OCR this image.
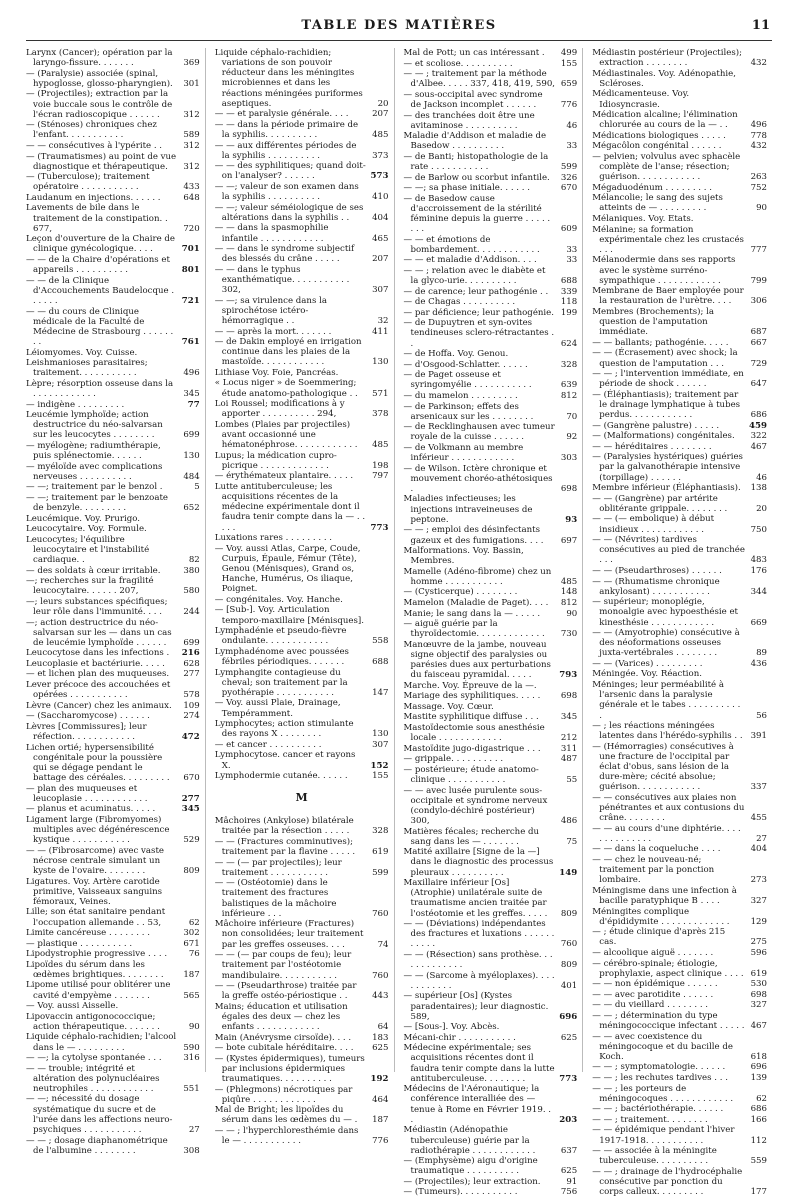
TABLE DES MATIÈRES	11
Larynx (Cancer); opération par la laryngo-fissure. . . . . . .	369
— (Paralysie) associée (spinal, hypoglosse, glosso-pharyngien).	301
— (Projectiles); extraction par la voie buccale sous le contrôle de l'écran radioscopique . . . . . .	312
— (Sténoses) chroniques chez l'enfant. . . . . . . . . . .	589
— — consécutives à l'ypérite . .	312
— (Traumatismes) au point de vue diagnostique et thérapeutique.	312
— (Tuberculose); traitement opératoire . . . . . . . . . . .	433
Laudanum en injections. . . . . .	648
Lavements de bile dans le traitement de la constipation. . 677,	720
Leçon d'ouverture de la Chaire de clinique gynécologique. . . .	701
— — de la Chaire d'opérations et appareils . . . . . . . . . .	801
— — de la Clinique d'Accouchements Baudelocque . . . . . .	721
— — du cours de Clinique médicale de la Faculté de Médecine de Strasbourg . . . . . . . .	761
Léiomyomes. Voy. Cuisse.
Leishmanioses parasitaires; traitement. . . . . . . . . . .	496
Lèpre; résorption osseuse dans la . . . . . . . . . . . .	345
— indigène . . . . . . . . .	77
Leucémie lymphoïde; action destructrice du néo-salvarsan sur les leucocytes . . . . . . . .	699
— myélogène; radiumthérapie, puis splénectomie. . . . . .	130
— myéloïde avec complications nerveuses . . . . . . . . . .	484
— —; traitement par le benzol .	5
— —; traitement par le benzoate de benzyle. . . . . . . . .	652
Leucémique. Voy. Prurigo.
Leucocytaire. Voy. Formule.
Leucocytes; l'équilibre leucocytaire et l'instabilité cardiaque. .	82
— des soldats à cœur irritable.	380
—; recherches sur la fragilité leucocytaire. . . . . . 207,	580
—; leurs substances spécifiques; leur rôle dans l'immunité. . . .	244
—; action destructrice du néo-salvarsan sur les — dans un cas de leucémie lymphoïde . . . . . .	699
Leucocytose dans les infections .	216
Leucoplasie et bactériurie. . . . .	628
— et lichen plan des muqueuses.	277
Lever précoce des accouchées et opérées . . . . . . . . . . .	578
Lèvre (Cancer) chez les animaux.	109
— (Saccharomycose) . . . . . .	274
Lèvres [Commissures]; leur réfection. . . . . . . . . . . .	472
Lichen ortié; hypersensibilité congénitale pour la poussière qui se dégage pendant le battage des céréales. . . . . . . . .	670
— plan des muqueuses et leucoplasie . . . . . . . . . . . .	277
— planus et acuminatus. . . . .	345
Ligament large (Fibromyomes) multiples avec dégénérescence kystique . . . . . . . . . . .	529
— — (Fibrosarcome) avec vaste nécrose centrale simulant un kyste de l'ovaire. . . . . . . .	809
Ligatures. Voy. Artère carotide primitive, Vaisseaux sanguins fémoraux, Veines.
Lille; son état sanitaire pendant l'occupation allemande . . 53,	62
Limite cancéreuse . . . . . . . .	302
— plastique . . . . . . . . . .	671
Lipodystrophie progressive . . . .	76
Lipoïdes du sérum dans les œdèmes brightiques. . . . . . . .	187
Lipome utilisé pour oblitérer une cavité d'empyème . . . . . . .	565
— Voy. aussi Aisselle.
Lipovaccin antigonococcique; action thérapeutique. . . . . . .	90
Liquide céphalo-rachidien; l'alcool dans le — . . . . . . . . .	590
— —; la cytolyse spontanée . . .	316
— — trouble; intégrité et altération des polynucléaires neutrophiles . . . . . . . . . . . .	551
— —; nécessité du dosage systématique du sucre et de l'urée dans les affections neuro-psychiques . . . . . . . . . . .	27
— — ; dosage diaphanométrique de l'albumine . . . . . . . .	308
Liquide céphalo-rachidien; variations de son pouvoir réducteur dans les méningites microbiennes et dans les réactions méningées puriformes aseptiques.	20
— — et paralysie générale. . . .	207
— — dans la période primaire de la syphilis. . . . . . . . . .	485
— — aux différentes périodes de la syphilis . . . . . . . . . .	373
— — des syphilitiques; quand doit-on l'analyser? . . . . . .	573
— —; valeur de son examen dans la syphilis . . . . . . . . . .	410
— —; valeur séméiologique de ses altérations dans la syphilis . .	404
— — dans la spasmophilie infantile . . . . . . . . . . . .	465
— — dans le syndrome subjectif des blessés du crâne . . . . .	207
— — dans le typhus exanthématique. . . . . . . . . . . 302,	307
— —; sa virulence dans la spirochétose ictéro-hémorragique . .	32
— — après la mort. . . . . . .	411
— de Dakin employé en irrigation continue dans les plaies de la mastoïde. . . . . . . . . . . .	130
Lithiase Voy. Foie, Pancréas.
« Locus niger » de Soemmering; étude anatomo-pathologique . .	571
Loi Roussel; modifications à y apporter . . . . . . . . . . 294,	378
Lombes (Plaies par projectiles) avant occasionné une hématonéphrose. . . . . . . . . . . .	485
Lupus; la médication cupro-picrique . . . . . . . . . . . . .	198
— érythémateux plantaire. . . . .	797
Lutte antituberculeuse; les acquisitions récentes de la médecine expérimentale dont il faudra tenir compte dans la — . . . . .	773
Luxations rares . . . . . . . . .
— Voy. aussi Atlas, Carpe, Coude, Curpuis, Épaule, Fémur (Tête), Genou (Ménisques), Grand os, Hanche, Humérus, Os iliaque, Poignet.
— congénitales. Voy. Hanche.
— [Sub-]. Voy. Articulation temporo-maxillaire [Ménisques].
Lymphadénie et pseudo-fièvre ondulante. . . . . . . . . . . .	558
Lymphadénome avec poussées fébriles périodiques. . . . . . .	688
Lymphangite contagieuse du cheval; son traitement par la pyothérapie . . . . . . . . . . .	147
— Voy. aussi Plaie, Drainage, Tempéramment.
Lymphocytes; action stimulante des rayons X . . . . . . . .	130
— et cancer . . . . . . . . . .	307
Lymphocytose. cancer et rayons X.	152
Lymphodermie cutanée. . . . . .	155
M
Mâchoires (Ankylose) bilatérale traitée par la résection . . . . .	328
— — (Fractures comminutives); traitement par la flavine . . . . .	619
— — (— par projectiles); leur traitement . . . . . . . . . . .	599
— — (Ostéotomie) dans le traitement des fractures balistiques de la mâchoire inférieure . . .	760
Mâchoire inférieure (Fractures) non consolidées; leur traitement par les greffes osseuses. . . .	74
— — (— par coups de feu); leur traitement par l'ostéotomie mandibulaire. . . . . . . . . . .	760
— — (Pseudarthrose) traitée par la greffe ostéo-périostique . .	443
Mains; éducation et utilisation égales des deux — chez les enfants . . . . . . . . . . . .	64
Main (Anévrysme cirsoïde). . . .	183
— bote cubitale héréditaire. . . .	625
— (Kystes épidermiques), tumeurs par inclusions épidermiques traumatiques. . . . . . . . . .	192
— (Phlegmons) nécrotiques par piqûre . . . . . . . . . . . .	464
Mal de Bright; les lipoïdes du sérum dans les œdèmes du — .	187
— — ; l'hyperchloresthémie dans le — . . . . . . . . . . .	776
Mal de Pott; un cas intéressant .	499
— et scoliose. . . . . . . . . .	155
— — ; traitement par la méthode d'Albee. . . . . 337, 418, 419, 590, 659
— sous-occipital avec syndrome de Jackson incomplet . . . . . .	776
— des tranchées doit être une avitaminose . . . . . . . . . .	46
Maladie d'Addison et maladie de Basedow . . . . . . . . . .	33
— de Banti; histopathologie de la rate . . . . . . . . . . .	599
— de Barlow ou scorbut infantile.	326
— —; sa phase initiale. . . . . .	670
— de Basedow cause d'accroissement de la stérilité féminine depuis la guerre . . . . . . . .	609
— — et émotions de bombardement. . . . . . . . . . . .	33
— — et maladie d'Addison. . . .	33
— — ; relation avec le diabète et la glyco-urie. . . . . . . . . .	688
— de carence; leur pathogénie . .	339
— de Chagas . . . . . . . . . .	118
— par déficience; leur pathogénie. 199
— de Dupuytren et syn-ovites tendineuses sclero-rétractantes . .	624
— de Hoffa. Voy. Genou.
— d'Osgood-Schlatter. . . . . .	328
— de Paget osseuse et syringomyélie . . . . . . . . . . .	639
— du mamelon . . . . . . . . .	812
— de Parkinson; effets des arsenicaux sur les . . . . . . . .	70
— de Recklinghausen avec tumeur royale de la cuisse . . . . . .	92
— de Volkmann au membre inférieur . . . . . . . . . . . .	303
— de Wilson. Ictère chronique et mouvement choréo-athétosiques .	698
Maladies infectieuses; les injections intraveineuses de peptone.	93
— — ; emploi des désinfectants gazeux et des fumigations. . . .	697
Malformations. Voy. Bassin, Membres.
Mamelle (Adéno-fibrome) chez un homme . . . . . . . . . . .	485
— (Cysticerque) . . . . . . . .	148
Mamelon (Maladie de Paget). . . .	812
Manie; le sang dans la — . . . . .	90
— aiguë guérie par la thyroïdectomie. . . . . . . . . . . . .	730
Manœuvre de la jambe, nouveau signe objectif des paralysies ou parésies dues aux perturbations du faisceau pyramidal. . . . .	793
Marche. Voy. Épreuve de la —.
Mariage des syphilitiques. . . . .	698
Massage. Voy. Cœur.
Mastite syphilitique diffuse . . .	345
Mastoïdectomie sous anesthésie locale . . . . . . . . . . . .	212
Mastoïdite jugo-digastrique . . .	311
— grippale. . . . . . . . . .	487
— postérieure; étude anatomo-clinique . . . . . . . . . . .	55
— — avec lusée purulente sous-occipitale et syndrome nerveux (condylo-déchiré postérieur) 300,	486
Matières fécales; recherche du sang dans les — . . . . . . .	75
Matité axillaire [Signe de la —] dans le diagnostic des processus pleuraux . . . . . . . . . .	149
Maxillaire inférieur [Os] (Atrophie) unilatérale suite de traumatisme ancien traitée par l'ostéotomie et les greffes. . . . .	809
— — (Déviations) indépendantes des fractures et luxations . . . . . . . . . . .	760
— — (Résection) sans prothèse. . . . . . . . . . . . .	809
— — (Sarcome à myéloplaxes). . . . . . . . . . . .	401
— supérieur [Os] (Kystes paradentaires); leur diagnostic. 589,	696
— [Sous-]. Voy. Abcès.
Mécani-chir . . . . . . . . . . .	625
Médecine expérimentale; ses acquisitions récentes dont il faudra tenir compte dans la lutte antituberculeuse. . . . . . . .	773
Médecins de l'Aéronautique; la conférence interalliée des — tenue à Rome en Février 1919. . .	203
Médiastin (Adénopathie tuberculeuse) guérie par la radiothérapie . . . . . . . . . . . .	637
— (Emphysème) aigu d'origine traumatique . . . . . . . . . .	625
— (Projectiles); leur extraction.	91
— (Tumeurs). . . . . . . . . . .	756
Médiastin postérieur (Projectiles); extraction . . . . . . . .	432
Médiastinales. Voy. Adénopathie, Scléroses.
Médicamenteuse. Voy. Idiosyncrasie.
Médication alcaline; l'élimination chlorurée au cours de la — . .	496
Médications biologiques . . . . .	778
Mégacôlon congénital . . . . . .	432
— pelvien; volvulus avec sphacèle complète de l'anse; résection; guérison. . . . . . . . . . . .	263
Mégaduodénum . . . . . . . . .	752
Mélancolie; le sang des sujets atteints de — . . . . . . . . .	90
Mélaniques. Voy. Etats.
Mélanine; sa formation expérimentale chez les crustacés . . .	777
Mélanodermie dans ses rapports avec le système surréno-sympathique . . . . . . . . . . . .	799
Membrane de Baer employée pour la restauration de l'urètre. . . .	306
Membres (Brochements); la question de l'amputation immédiate.	687
— — ballants; pathogénie. . . . .	667
— — (Écrasement) avec shock; la question de l'amputation . . .	729
— — ; l'intervention immédiate, en période de shock . . . . . .	647
— (Éléphantiasis); traitement par le drainage lymphatique à tubes perdus. . . . . . . . . . . .	686
— (Gangrène palustre) . . . . .	459
— (Malformations) congénitales.	322
— — héréditaires . . . . . . . .	467
— (Paralysies hystériques) guéries par la galvanothérapie intensive (torpillage) . . . . . .	46
Membre inférieur (Éléphantiasis).	138
— — (Gangrène) par artérite oblitérante grippale. . . . . . . .	20
— — (— embolique) à début insidieux . . . . . . . . . . . .	750
— — (Névrites) tardives consécutives au pied de tranchée . . .	483
— — (Pseudarthroses) . . . . . .	176
— — (Rhumatisme chronique ankylosant) . . . . . . . . . . .	344
— supérieur; monoplégie, monoalgie avec hypoesthésie et kinesthésie . . . . . . . . . . . .	669
— — (Amyotrophie) consécutive à des néoformations osseuses juxta-vertébrales . . . . . . . .	89
— — (Varices) . . . . . . . . .	436
Méningée. Voy. Réaction.
Méninges; leur perméabilité à l'arsenic dans la paralysie générale et le tabes . . . . . . . . . . .	56
— ; les réactions méningées latentes dans l'hérédo-syphilis . . 391
— (Hémorragies) consécutives à une fracture de l'occipital par éclat d'obus, sans lésion de la dure-mère; cécité absolue; guérison. . . . . . . . . . . .	337
— — consécutives aux plaies non pénétrantes et aux contusions du crâne. . . . . . . .	455
— — au cours d'une diphtérie. . . . . . . . . . . . . .	27
— — dans la coqueluche . . . .	404
— — chez le nouveau-né; traitement par la ponction lombaire.	273
Méningisme dans une infection à bacille paratyphique B . . . .	327
Méningites complique d'épididymite . . . . . . . . . . . . .	129
— ; étude clinique d'après 215 cas.	275
— alcoolique aiguë . . . . . . .	596
— cérébro-spinale; étiologie, prophylaxie, aspect clinique . . . . 619
— — non épidémique . . . . . .	530
— — avec parotidite . . . . . .	698
— — du vieillard . . . . . . . .	327
— — ; détermination du type méningococcique infectant . . . . . 467
— — avec coexistence du méningocoque et du bacille de Koch.	618
— — ; symptomatologie. . . . . .	696
— — ; les rechutes tardives . . .	139
— — ; les porteurs de méningocoques . . . . . . . . . . . .	62
— — ; bactériothérapie. . . . . .	686
— — ; traitement. . . . . . . .	166
— — épidémique pendant l'hiver 1917-1918. . . . . . . . . . .	112
— — associée à la méningite tuberculeuse. . . . . . . . . .	559
— — ; drainage de l'hydrocéphalie consécutive par ponction du corps calleux. . . . . . . . .	177
